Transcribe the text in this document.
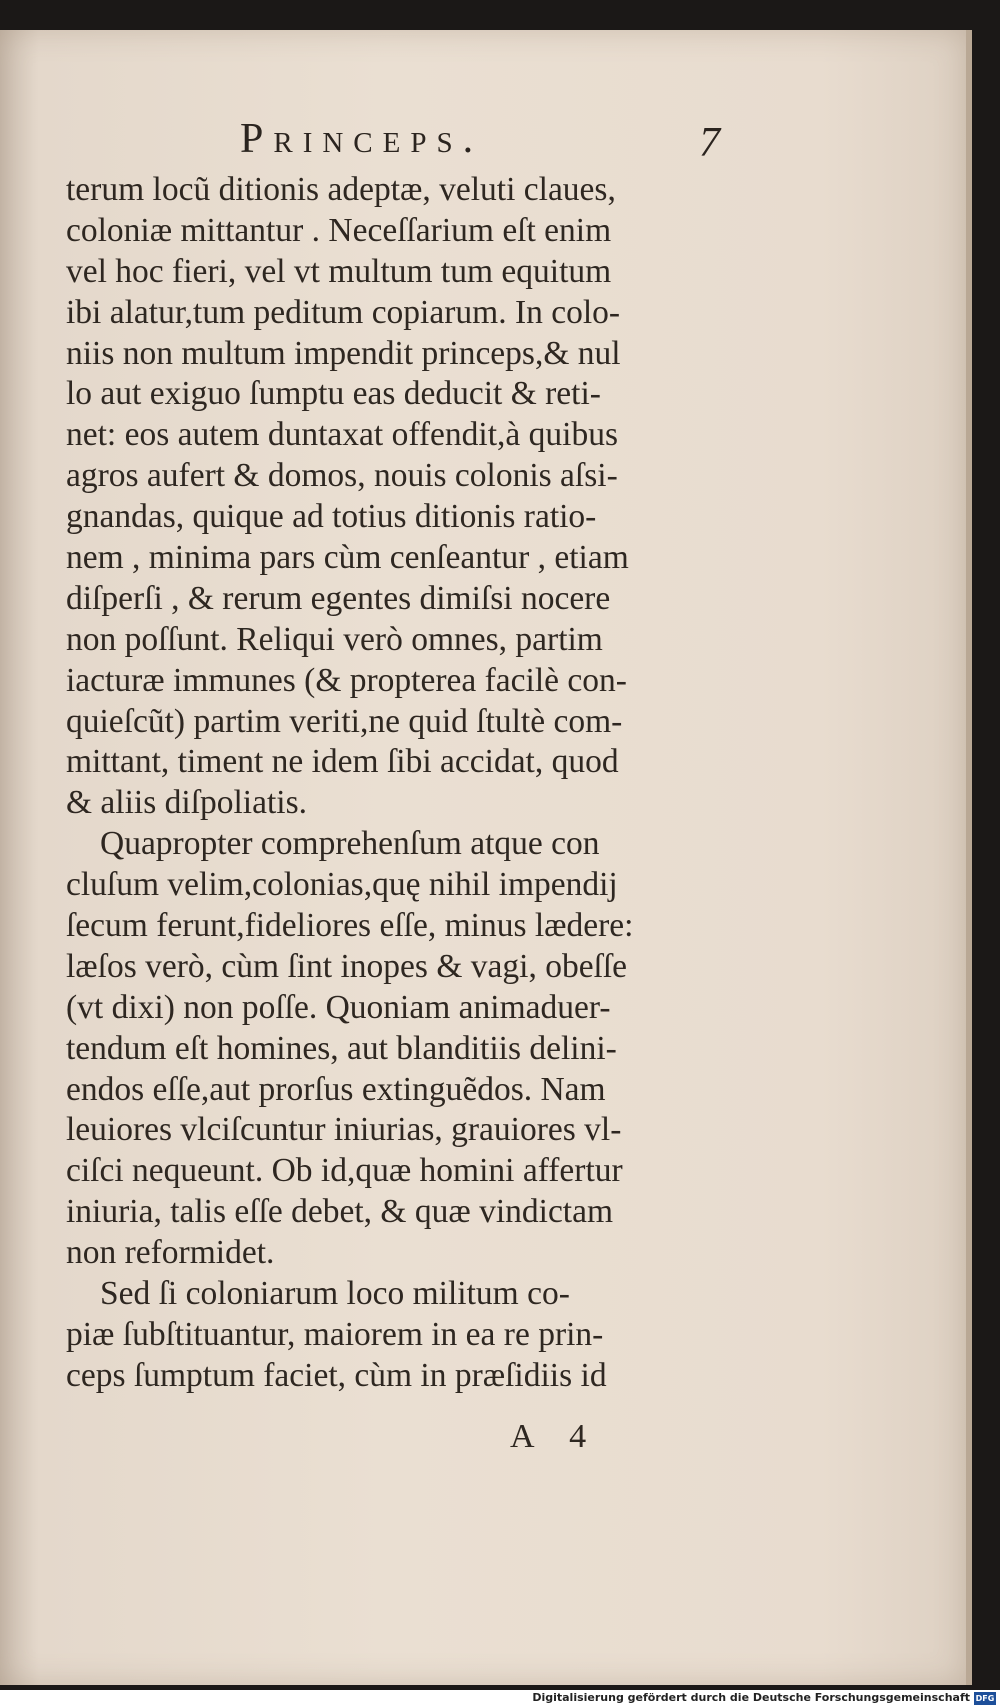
Princeps.	7
terum locũ ditionis adeptæ, veluti claues,
coloniæ mittantur . Neceſſarium eſt enim
vel hoc fieri, vel vt multum tum equitum
ibi alatur,tum peditum copiarum. In colo-
niis non multum impendit princeps,& nul
lo aut exiguo ſumptu eas deducit & reti-
net: eos autem duntaxat offendit,à quibus
agros aufert & domos, nouis colonis aſsi-
gnandas, quique ad totius ditionis ratio-
nem , minima pars cùm cenſeantur , etiam
diſperſi , & rerum egentes dimiſsi nocere
non poſſunt. Reliqui verò omnes, partim
iacturæ immunes (& propterea facilè con-
quieſcũt) partim veriti,ne quid ſtultè com-
mittant, timent ne idem ſibi accidat, quod
& aliis diſpoliatis.
Quapropter comprehenſum atque con
cluſum velim,colonias,quę nihil impendij
ſecum ferunt,fideliores eſſe, minus lædere:
læſos verò, cùm ſint inopes & vagi, obeſſe
(vt dixi) non poſſe. Quoniam animaduer-
tendum eſt homines, aut blanditiis delini-
endos eſſe,aut prorſus extinguẽdos. Nam
leuiores vlciſcuntur iniurias, grauiores vl-
ciſci nequeunt. Ob id,quæ homini affertur
iniuria, talis eſſe debet, & quæ vindictam
non reformidet.
Sed ſi coloniarum loco militum co-
piæ ſubſtituantur, maiorem in ea re prin-
ceps ſumptum faciet, cùm in præſidiis id
A 4
Digitalisierung gefördert durch die Deutsche Forschungsgemeinschaft DFG
